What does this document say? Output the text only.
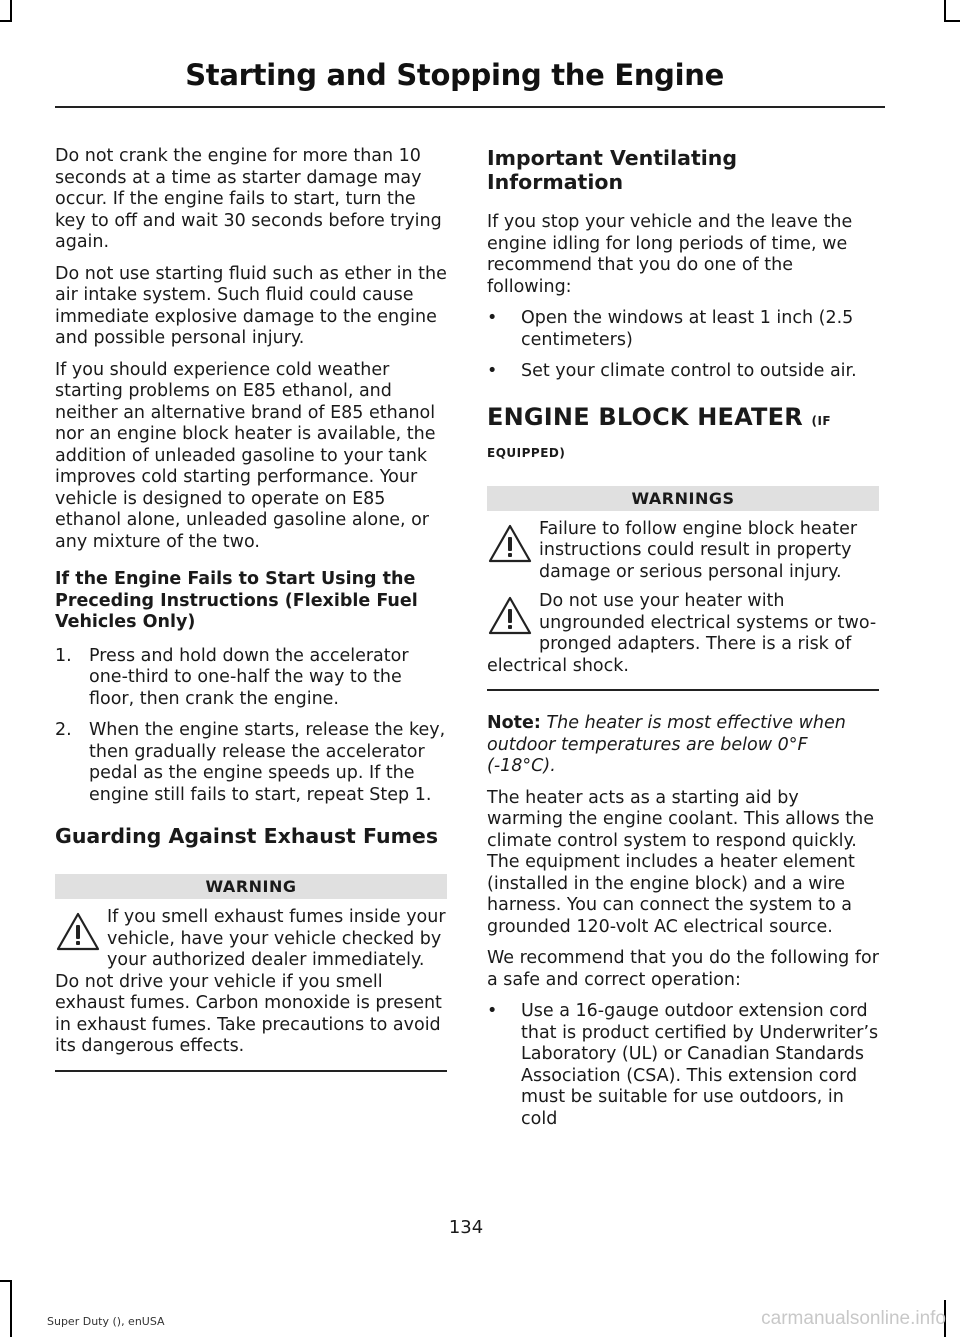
Starting and Stopping the Engine

Do not crank the engine for more than 10 seconds at a time as starter damage may occur. If the engine fails to start, turn the key to off and wait 30 seconds before trying again.

Do not use starting fluid such as ether in the air intake system. Such fluid could cause immediate explosive damage to the engine and possible personal injury.

If you should experience cold weather starting problems on E85 ethanol, and neither an alternative brand of E85 ethanol nor an engine block heater is available, the addition of unleaded gasoline to your tank improves cold starting performance. Your vehicle is designed to operate on E85 ethanol alone, unleaded gasoline alone, or any mixture of the two.

If the Engine Fails to Start Using the Preceding Instructions (Flexible Fuel Vehicles Only)
1. Press and hold down the accelerator one-third to one-half the way to the floor, then crank the engine.
2. When the engine starts, release the key, then gradually release the accelerator pedal as the engine speeds up. If the engine still fails to start, repeat Step 1.
Guarding Against Exhaust Fumes
WARNING
If you smell exhaust fumes inside your vehicle, have your vehicle checked by your authorized dealer immediately. Do not drive your vehicle if you smell exhaust fumes. Carbon monoxide is present in exhaust fumes. Take precautions to avoid its dangerous effects.
Important Ventilating Information

If you stop your vehicle and the leave the engine idling for long periods of time, we recommend that you do one of the following:

• Open the windows at least 1 inch (2.5 centimeters)
• Set your climate control to outside air.
ENGINE BLOCK HEATER (IF EQUIPPED)
WARNINGS
Failure to follow engine block heater instructions could result in property damage or serious personal injury.
Do not use your heater with ungrounded electrical systems or two-pronged adapters. There is a risk of electrical shock.

Note: The heater is most effective when outdoor temperatures are below 0°F (-18°C).

The heater acts as a starting aid by warming the engine coolant. This allows the climate control system to respond quickly. The equipment includes a heater element (installed in the engine block) and a wire harness. You can connect the system to a grounded 120-volt AC electrical source.

We recommend that you do the following for a safe and correct operation:

• Use a 16-gauge outdoor extension cord that is product certified by Underwriter’s Laboratory (UL) or Canadian Standards Association (CSA). This extension cord must be suitable for use outdoors, in cold
134
Super Duty (), enUSA	carmanualsonline.info
